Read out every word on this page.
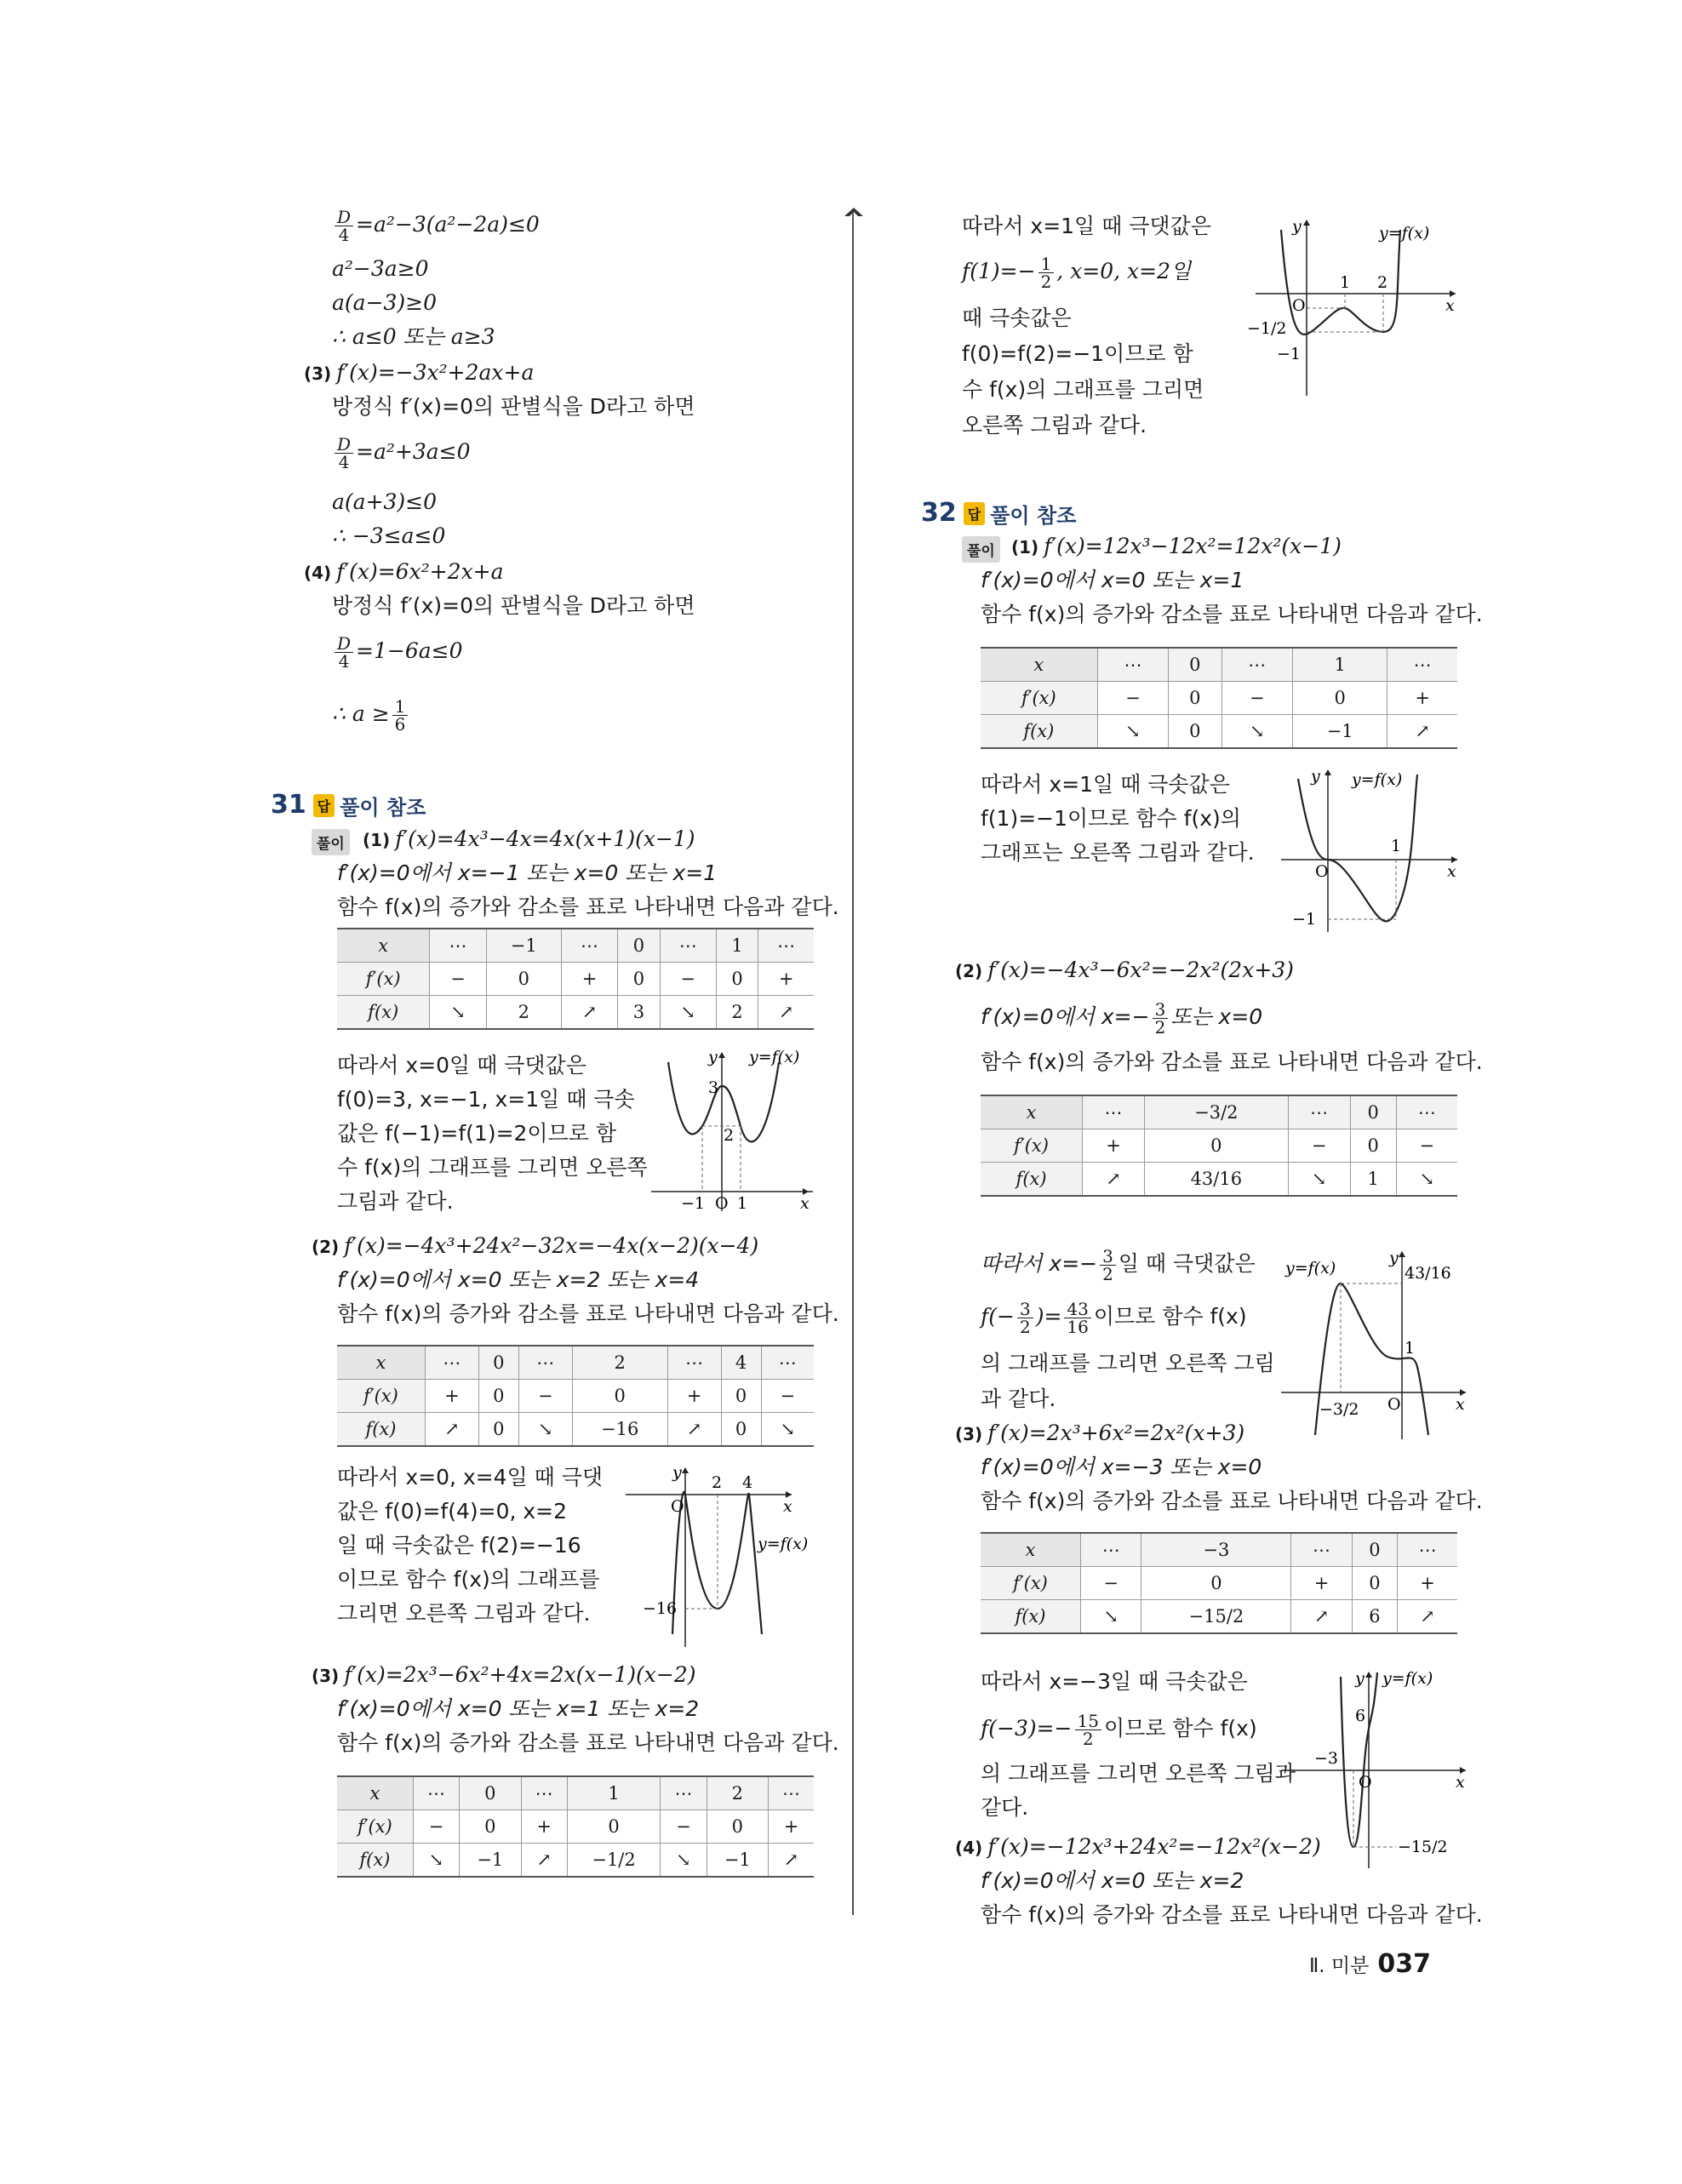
$\frac{D}{4} =a^2-3(a^2-2a)\le 0$
a²−3a≥0
a(a−3)≥0
∴ a≤0 또는 a≥3
(3) f′(x)=−3x²+2ax+a
방정식 f′(x)=0의 판별식을 D라고 하면
$\frac{D}{4} =a^2+3a\le 0$
a(a+3)≤0
∴ −3≤a≤0
(4) f′(x)=6x²+2x+a
방정식 f′(x)=0의 판별식을 D라고 하면
$\frac{D}{4} =1-6a\le 0$
∴ $a \ge \frac{1}{6}$
31 답 풀이 참조
풀이	(1) f′(x)=4x³−4x=4x(x+1)(x−1)
f′(x)=0에서 x=−1 또는 x=0 또는 x=1
함수 f(x)의 증가와 감소를 표로 나타내면 다음과 같다.
x	⋯	−1	⋯	0	⋯	1	⋯
f′(x)	−	0	+	0	−	0	+
f(x)	↘	2	↗	3	↘	2	↗
따라서 x=0일 때 극댓값은
f(0)=3, x=−1, x=1일 때 극솟
값은 f(−1)=f(1)=2이므로 함
수 f(x)의 그래프를 그리면 오른쪽
그림과 같다.
y y=f(x)
3
2
−1 O 1	x
(2) f′(x)=−4x³+24x²−32x=−4x(x−2)(x−4)
f′(x)=0에서 x=0 또는 x=2 또는 x=4
함수 f(x)의 증가와 감소를 표로 나타내면 다음과 같다.
x	⋯	0	⋯	2	⋯	4	⋯
f′(x)	+	0	−	0	+	0	−
f(x)	↗	0	↘	−16	↗	0	↘
따라서 x=0, x=4일 때 극댓
값은 f(0)=f(4)=0, x=2
일 때 극솟값은 f(2)=−16
이므로 함수 f(x)의 그래프를
그리면 오른쪽 그림과 같다.
y
O
2 4
x
y=f(x)
−16
(3) f′(x)=2x³−6x²+4x=2x(x−1)(x−2)
f′(x)=0에서 x=0 또는 x=1 또는 x=2
함수 f(x)의 증가와 감소를 표로 나타내면 다음과 같다.
x	⋯	0	⋯	1	⋯	2	⋯
f′(x)	−	0	+	0	−	0	+
f(x)	↘	−1	↗	−1/2	↘	−1	↗
따라서 x=1일 때 극댓값은
$f(1)=- \frac{1}{2}$ , x=0, x=2일
때 극솟값은
f(0)=f(2)=−1이므로 함
수 f(x)의 그래프를 그리면
오른쪽 그림과 같다.
y	y=f(x)
O
1 2
x
−1/2
−1
32 답 풀이 참조
풀이 (1) f′(x)=12x³−12x²=12x²(x−1)
f′(x)=0에서 x=0 또는 x=1
함수 f(x)의 증가와 감소를 표로 나타내면 다음과 같다.
x	⋯	0	⋯	1	⋯
f′(x)	−	0	−	0	+
f(x)	↘	0	↘	−1	↗
따라서 x=1일 때 극솟값은
f(1)=−1이므로 함수 f(x)의
그래프는 오른쪽 그림과 같다.
y y=f(x)
1
O	x
−1
(2) f′(x)=−4x³−6x²=−2x²(2x+3)
f′(x)=0에서 $x=- \frac{3}{2}$ 또는 x=0
함수 f(x)의 증가와 감소를 표로 나타내면 다음과 같다.
x	⋯	−3/2	⋯	0	⋯
f′(x)	+	0	−	0	−
f(x)	↗	43/16	↘	1	↘
따라서 $x=- \frac{3}{2}$ 일 때 극댓값은
$f(- \frac{3}{2}$ )= $\frac{43}{16}$ 이므로 함수 f(x)
의 그래프를 그리면 오른쪽 그림
과 같다.
y=f(x)
y
43/16
1
−3/2 O	x
(3) f′(x)=2x³+6x²=2x²(x+3)
f′(x)=0에서 x=−3 또는 x=0
함수 f(x)의 증가와 감소를 표로 나타내면 다음과 같다.
x	⋯	−3	⋯	0	⋯
f′(x)	−	0	+	0	+
f(x)	↘	−15/2	↗	6	↗
따라서 x=−3일 때 극솟값은
$f(-3)=- \frac{15}{2}$ 이므로 함수 f(x)
의 그래프를 그리면 오른쪽 그림과
같다.
y y=f(x)
6
−3
O	x
−15/2
(4) f′(x)=−12x³+24x²=−12x²(x−2)
f′(x)=0에서 x=0 또는 x=2
함수 f(x)의 증가와 감소를 표로 나타내면 다음과 같다.
Ⅱ. 미분 037
